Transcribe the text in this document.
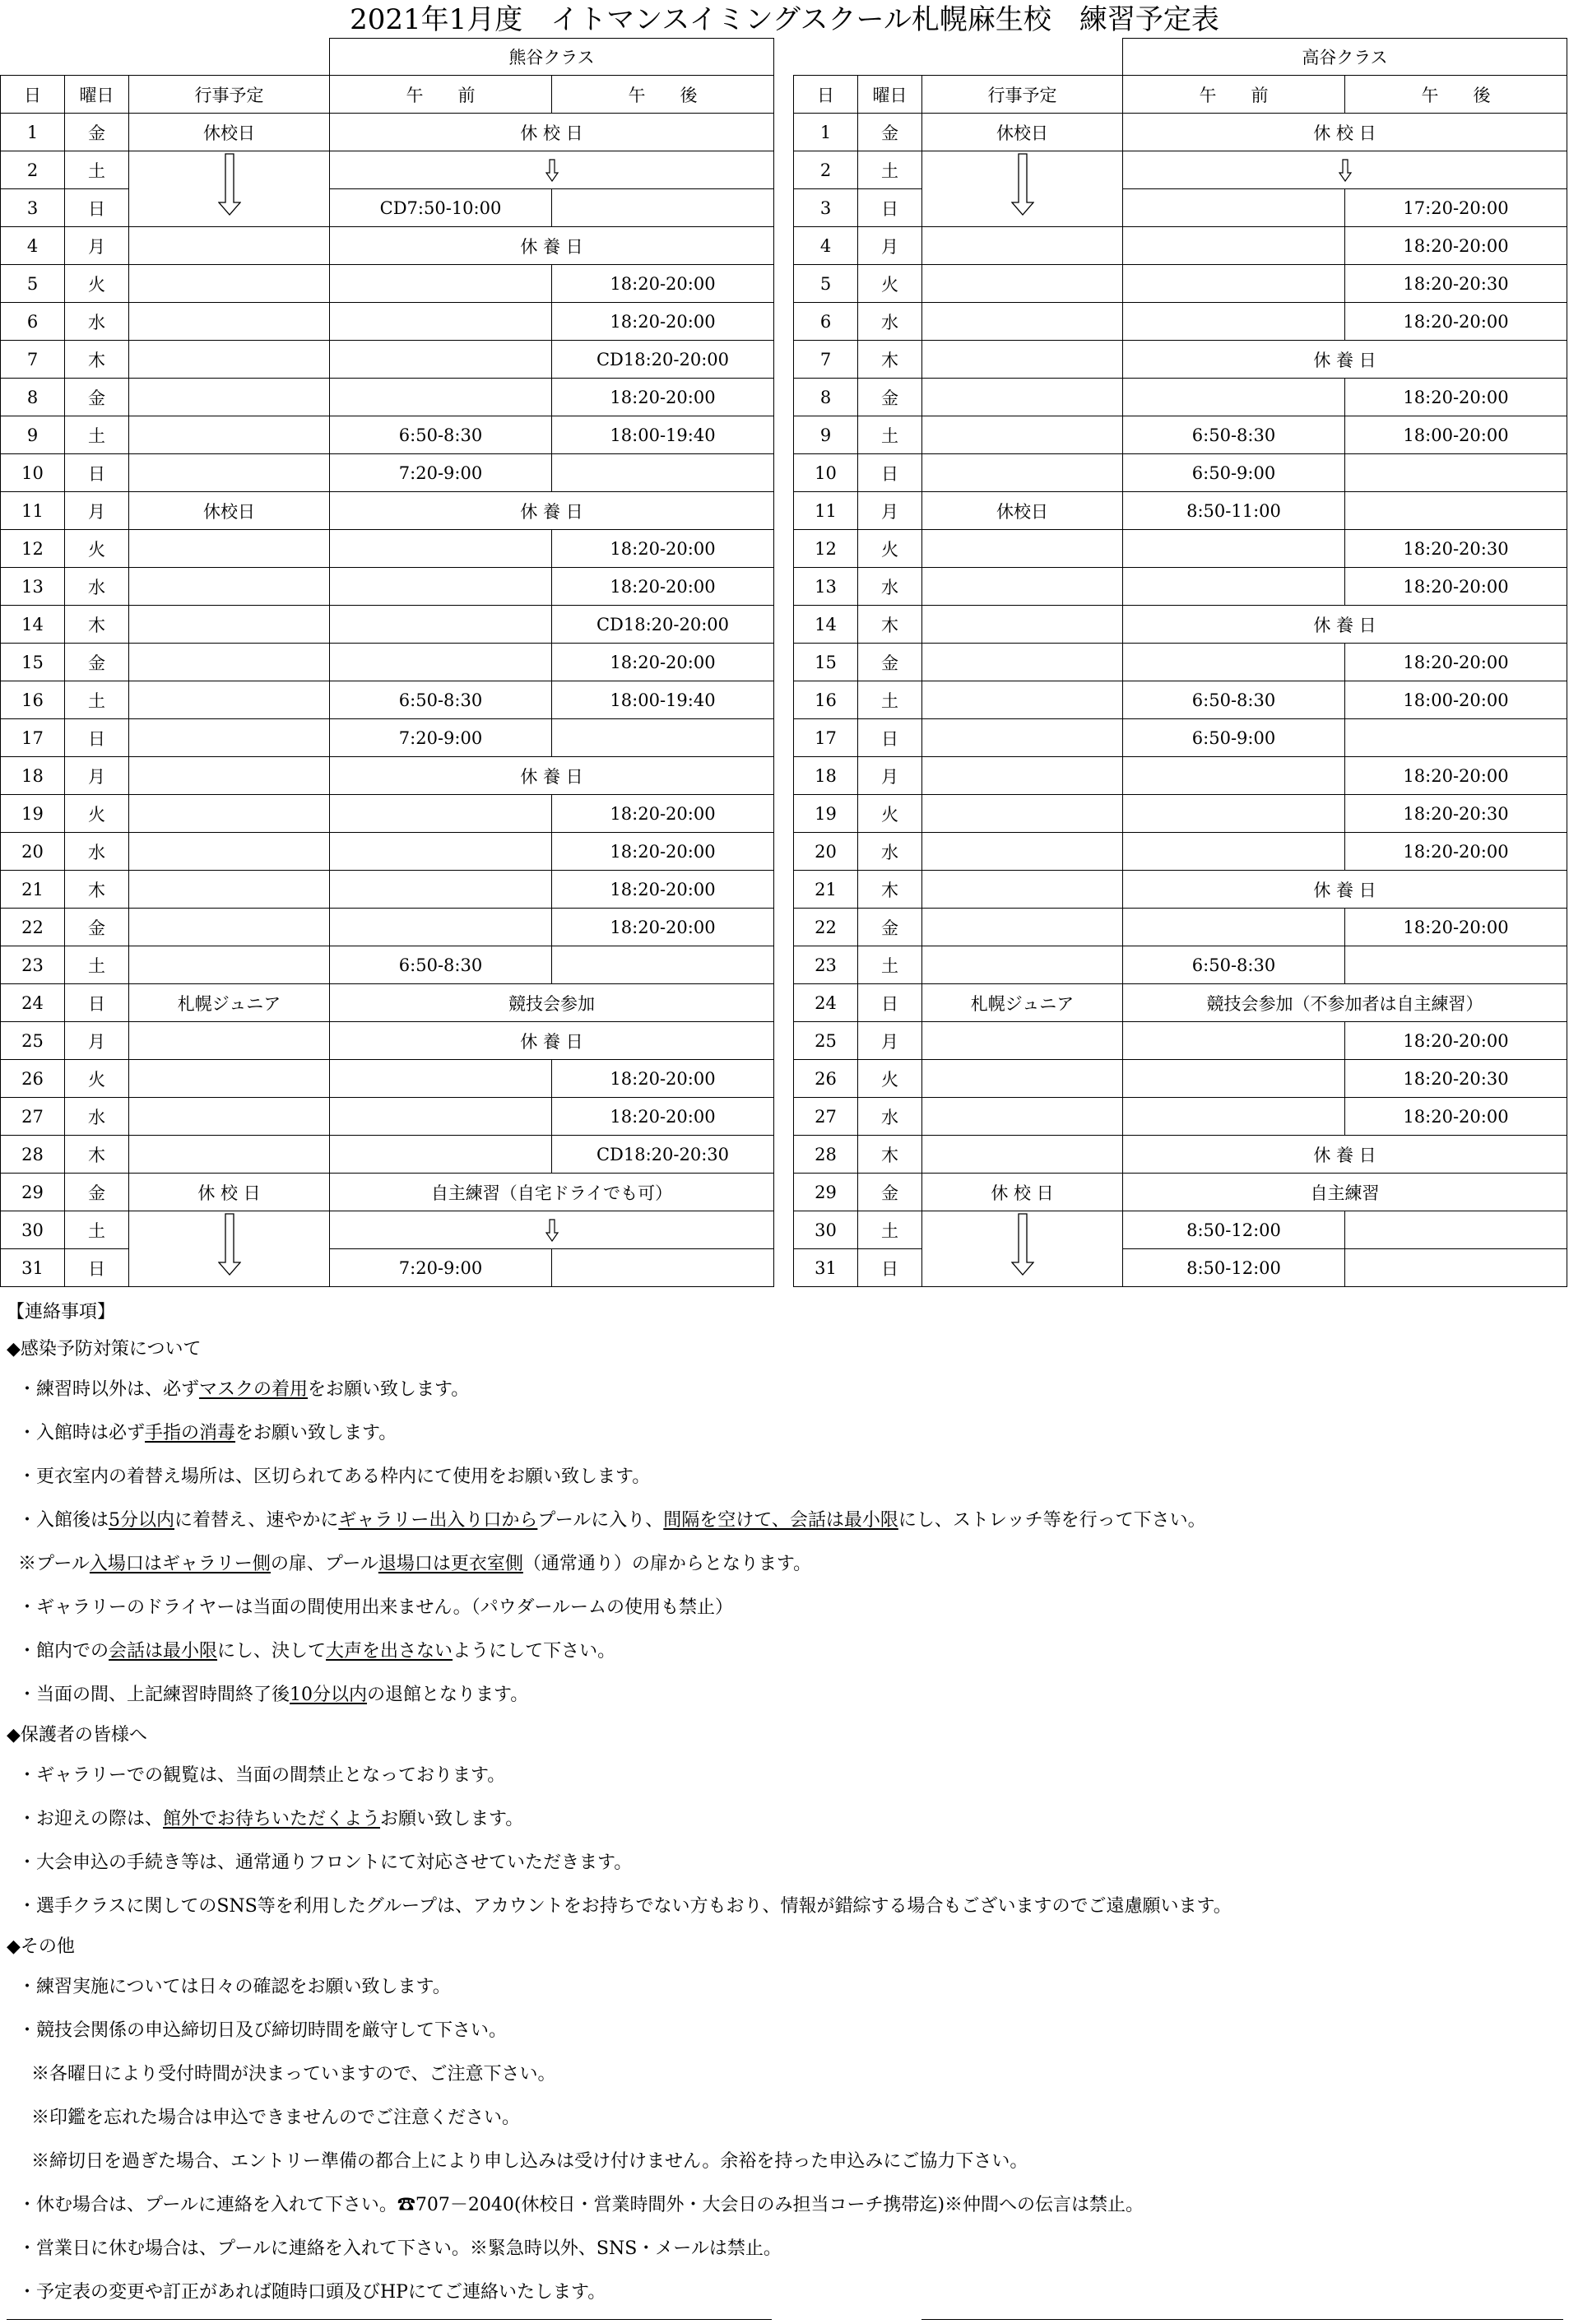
2021年1月度　イトマンスイミングスクール札幌麻生校　練習予定表
			熊谷クラス	
日	曜日	行事予定	午　　前	午　　後
1	金	休校日	休 校 日	
2	土	

3	日		CD7:50-10:00	
4	月		休 養 日	
5	火			18:20-20:00
6	水			18:20-20:00
7	木			CD18:20-20:00
8	金			18:20-20:00
9	土		6:50-8:30	18:00-19:40
10	日		7:20-9:00	
11	月	休校日	休 養 日	
12	火			18:20-20:00
13	水			18:20-20:00
14	木			CD18:20-20:00
15	金			18:20-20:00
16	土		6:50-8:30	18:00-19:40
17	日		7:20-9:00	
18	月		休 養 日	
19	火			18:20-20:00
20	水			18:20-20:00
21	木			18:20-20:00
22	金			18:20-20:00
23	土		6:50-8:30	
24	日	札幌ジュニア	競技会参加	
25	月		休 養 日	
26	火			18:20-20:00
27	水			18:20-20:00
28	木			CD18:20-20:30
29	金	休 校 日	自主練習（自宅ドライでも可）	
30	土	

31	日		7:20-9:00	
			高谷クラス	
日	曜日	行事予定	午　　前	午　　後
1	金	休校日	休 校 日	
2	土	

3	日			17:20-20:00
4	月			18:20-20:00
5	火			18:20-20:30
6	水			18:20-20:00
7	木		休 養 日	
8	金			18:20-20:00
9	土		6:50-8:30	18:00-20:00
10	日		6:50-9:00	
11	月	休校日	8:50-11:00	
12	火			18:20-20:30
13	水			18:20-20:00
14	木		休 養 日	
15	金			18:20-20:00
16	土		6:50-8:30	18:00-20:00
17	日		6:50-9:00	
18	月			18:20-20:00
19	火			18:20-20:30
20	水			18:20-20:00
21	木		休 養 日	
22	金			18:20-20:00
23	土		6:50-8:30	
24	日	札幌ジュニア	競技会参加（不参加者は自主練習）	
25	月			18:20-20:00
26	火			18:20-20:30
27	水			18:20-20:00
28	木		休 養 日	
29	金	休 校 日	自主練習	
30	土		8:50-12:00	
31	日		8:50-12:00	
【連絡事項】
◆感染予防対策について
・練習時以外は、必ずマスクの着用をお願い致します。
・入館時は必ず手指の消毒をお願い致します。
・更衣室内の着替え場所は、区切られてある枠内にて使用をお願い致します。
・入館後は5分以内に着替え、速やかにギャラリー出入り口からプールに入り、間隔を空けて、会話は最小限にし、ストレッチ等を行って下さい。
※プール入場口はギャラリー側の扉、プール退場口は更衣室側（通常通り）の扉からとなります。
・ギャラリーのドライヤーは当面の間使用出来ません。（パウダールームの使用も禁止）
・館内での会話は最小限にし、決して大声を出さないようにして下さい。
・当面の間、上記練習時間終了後10分以内の退館となります。
◆保護者の皆様へ
・ギャラリーでの観覧は、当面の間禁止となっております。
・お迎えの際は、館外でお待ちいただくようお願い致します。
・大会申込の手続き等は、通常通りフロントにて対応させていただきます。
・選手クラスに関してのSNS等を利用したグループは、アカウントをお持ちでない方もおり、情報が錯綜する場合もございますのでご遠慮願います。
◆その他
・練習実施については日々の確認をお願い致します。
・競技会関係の申込締切日及び締切時間を厳守して下さい。
※各曜日により受付時間が決まっていますので、ご注意下さい。
※印鑑を忘れた場合は申込できませんのでご注意ください。
※締切日を過ぎた場合、エントリー準備の都合上により申し込みは受け付けません。余裕を持った申込みにご協力下さい。
・休む場合は、プールに連絡を入れて下さい。☎707－2040(休校日・営業時間外・大会日のみ担当コーチ携帯迄)※仲間への伝言は禁止。
・営業日に休む場合は、プールに連絡を入れて下さい。※緊急時以外、SNS・メールは禁止。
・予定表の変更や訂正があれば随時口頭及びHPにてご連絡いたします。
